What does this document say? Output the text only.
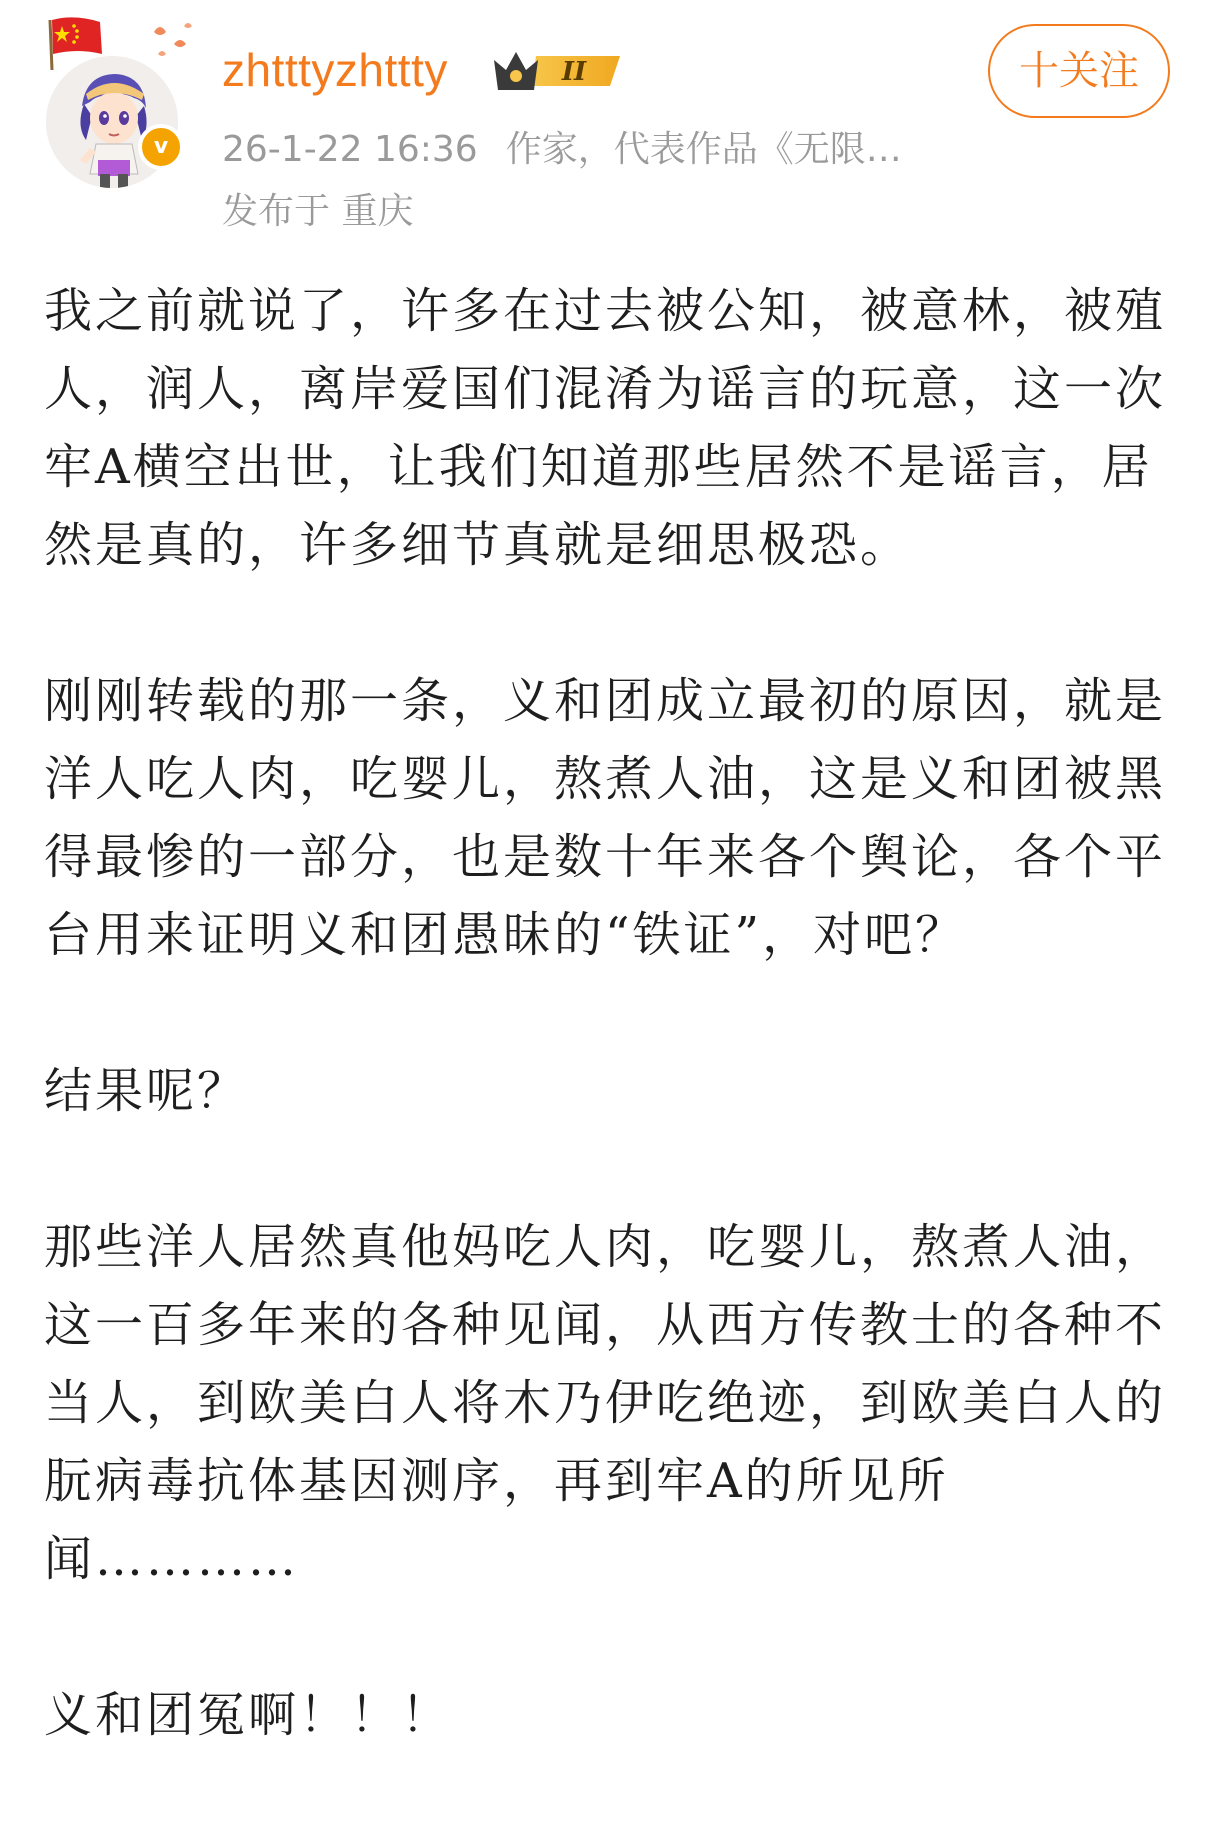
v
zhtttyzhttty	II
26-1-22 16:36 作家，代表作品《无限…
发布于 重庆
十关注

我之前就说了，许多在过去被公知，被意林，被殖人，润人，离岸爱国们混淆为谣言的玩意，这一次牢A横空出世，让我们知道那些居然不是谣言，居然是真的，许多细节真就是细思极恐。

刚刚转载的那一条，义和团成立最初的原因，就是洋人吃人肉，吃婴儿，熬煮人油，这是义和团被黑得最惨的一部分，也是数十年来各个舆论，各个平台用来证明义和团愚昧的“铁证”，对吧？

结果呢？

那些洋人居然真他妈吃人肉，吃婴儿，熬煮人油，这一百多年来的各种见闻，从西方传教士的各种不当人，到欧美白人将木乃伊吃绝迹，到欧美白人的朊病毒抗体基因测序，再到牢A的所见所闻…………

义和团冤啊！！！
